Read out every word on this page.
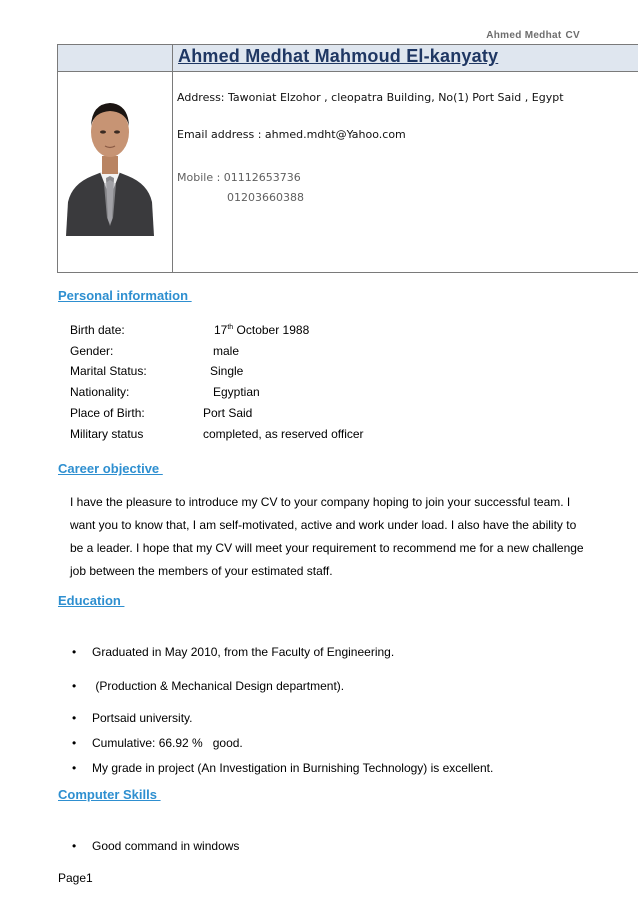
Ahmed Medhat CV
Ahmed Medhat Mahmoud El-kanyaty
Address: Tawoniat Elzohor , cleopatra Building, No(1) Port Said , Egypt
Email address : ahmed.mdht@Yahoo.com
Mobile : 01112653736
01203660388
Personal information
Birth date:	17th October 1988
Gender:	male
Marital Status:	Single
Nationality:	Egyptian
Place of Birth:	Port Said
Military status	completed, as reserved officer
Career objective
I have the pleasure to introduce my CV to your company hoping to join your successful team. I
want you to know that, I am self-motivated, active and work under load. I also have the ability to
be a leader. I hope that my CV will meet your requirement to recommend me for a new challenge
job between the members of your estimated staff.
Education
• Graduated in May 2010, from the Faculty of Engineering.
• (Production & Mechanical Design department).
• Portsaid university.
• Cumulative: 66.92 %   good.
• My grade in project (An Investigation in Burnishing Technology) is excellent.
Computer Skills
• Good command in windows
Page1
